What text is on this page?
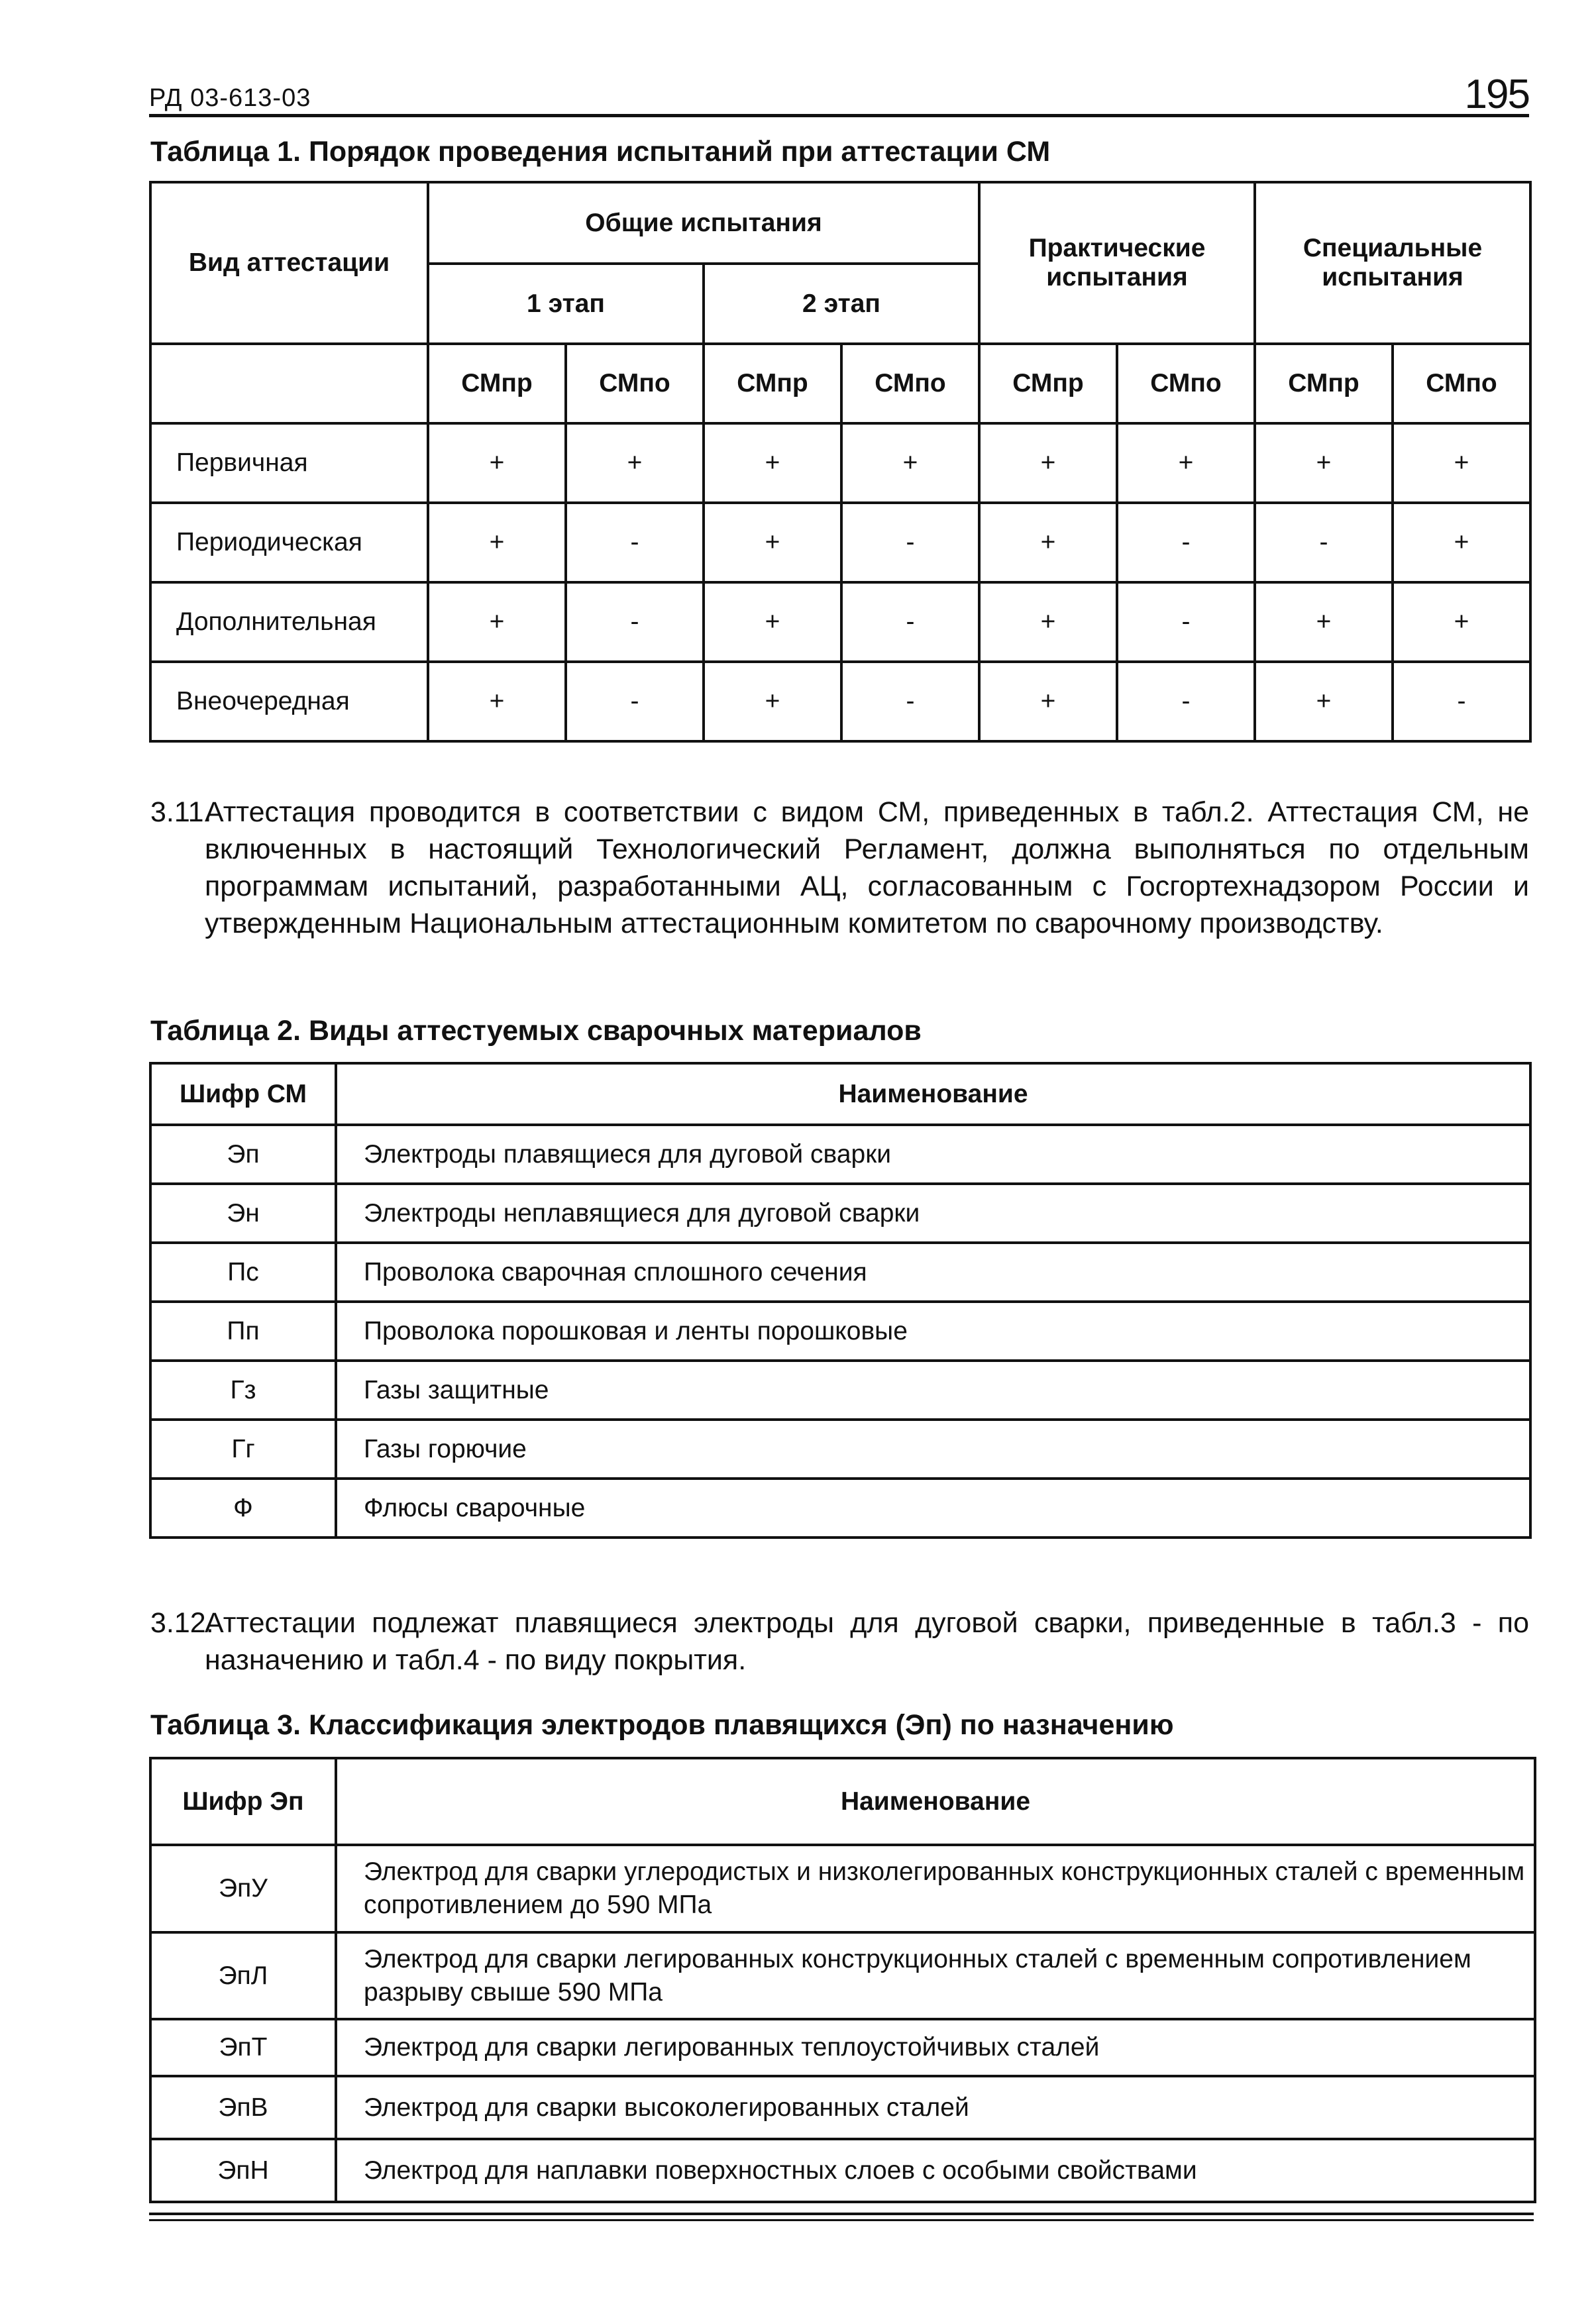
РД 03-613-03	195
Таблица 1. Порядок проведения испытаний при аттестации СМ
Вид аттестации	Общие испытания				Практические испытания		Специальные испытания	
	1 этап		2 этап					
	СМпр	СМпо	СМпр	СМпо	СМпр	СМпо	СМпр	СМпо
Первичная	+	+	+	+	+	+	+	+
Периодическая	+	-	+	-	+	-	-	+
Дополнительная	+	-	+	-	+	-	+	+
Внеочередная	+	-	+	-	+	-	+	-
3.11.
Аттестация проводится в соответствии с видом СМ, приведенных в табл.2. Аттестация СМ, не включенных в настоящий Технологический Регламент, должна выполняться по отдельным программам испытаний, разработанными АЦ, согласованным с Госгортехнадзором России и утвержденным Национальным аттестационным комитетом по сварочному производству.
Таблица 2. Виды аттестуемых сварочных материалов
Шифр СМ	Наименование
Эп	Электроды плавящиеся для дуговой сварки
Эн	Электроды неплавящиеся для дуговой сварки
Пс	Проволока сварочная сплошного сечения
Пп	Проволока порошковая и ленты порошковые
Гз	Газы защитные
Гг	Газы горючие
Ф	Флюсы сварочные
3.12.
Аттестации подлежат плавящиеся электроды для дуговой сварки, приведенные в табл.3 - по назначению и табл.4 - по виду покрытия.
Таблица 3. Классификация электродов плавящихся (Эп) по назначению
Шифр Эп	Наименование
ЭпУ	Электрод для сварки углеродистых и низколегированных конструкционных сталей с временным сопротивлением до 590 МПа
ЭпЛ	Электрод для сварки легированных конструкционных сталей с временным сопротивлением разрыву свыше 590 МПа
ЭпТ	Электрод для сварки легированных теплоустойчивых сталей
ЭпВ	Электрод для сварки высоколегированных сталей
ЭпН	Электрод для наплавки поверхностных слоев с особыми свойствами
